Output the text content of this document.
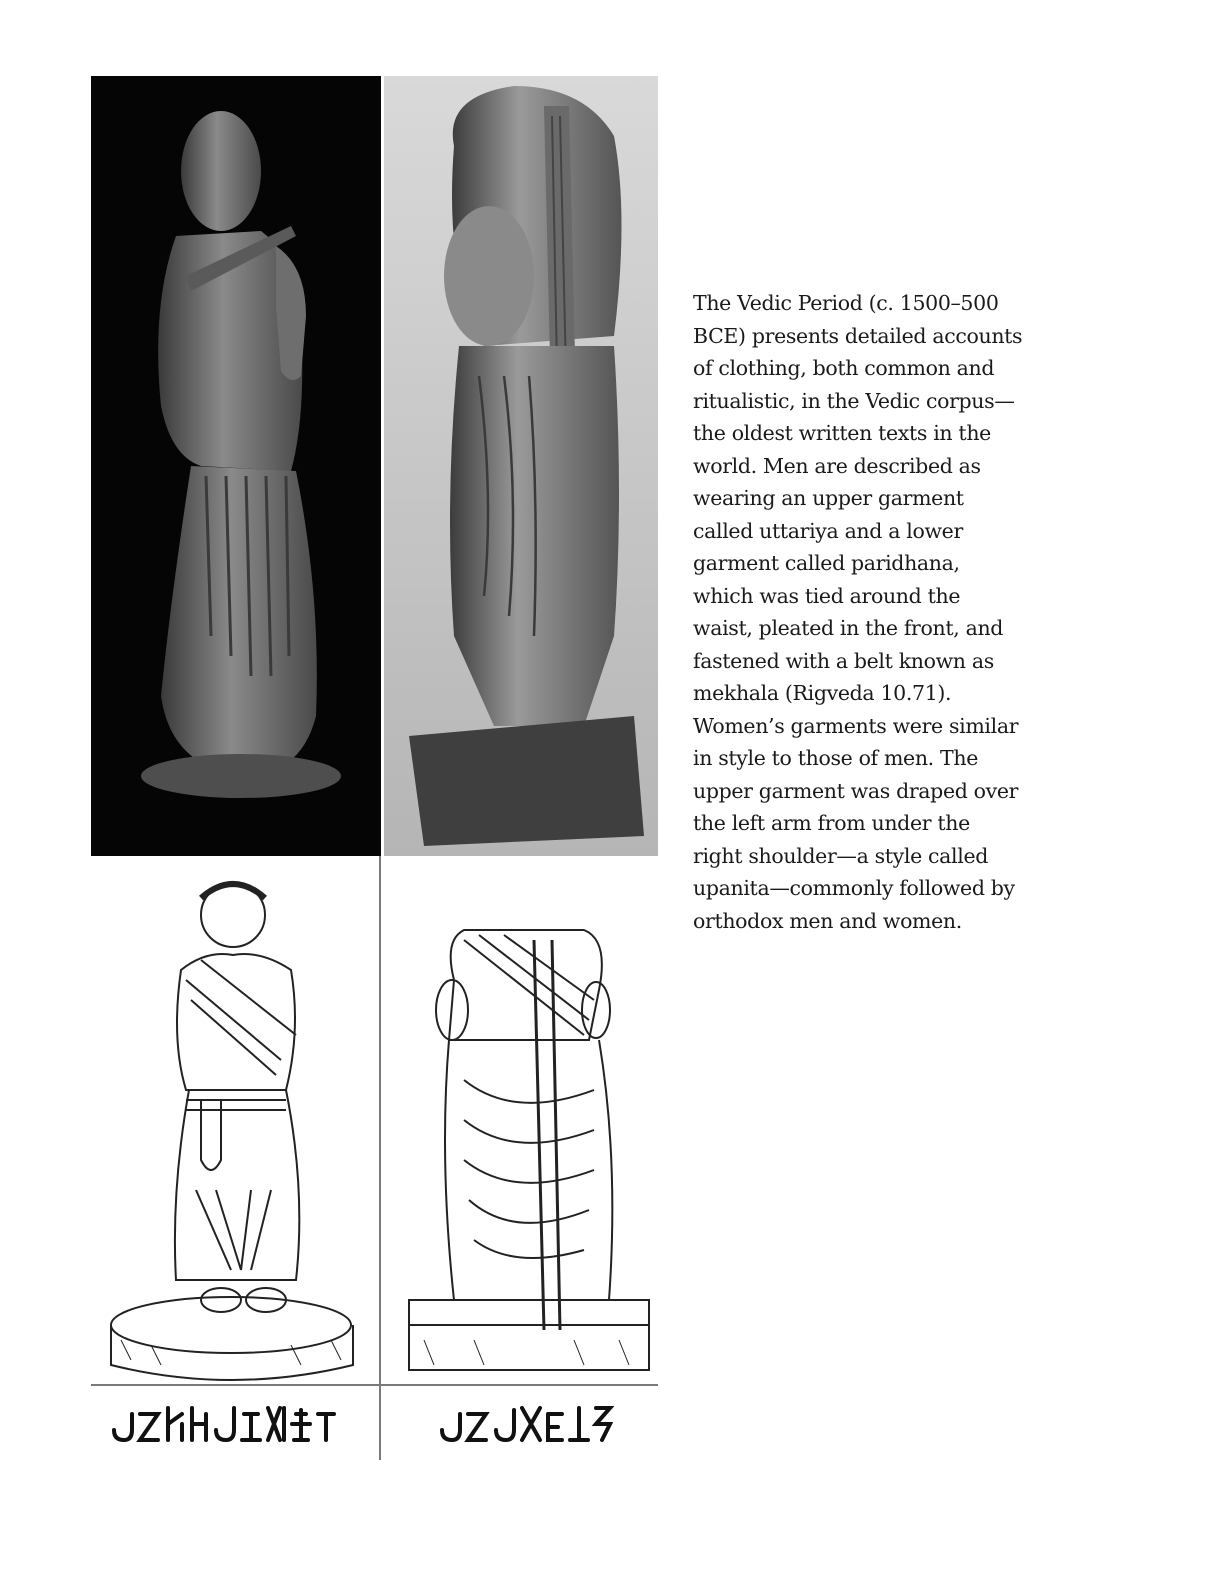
The Vedic Period (c. 1500–500
BCE) presents detailed accounts
of clothing, both common and
ritualistic, in the Vedic corpus—
the oldest written texts in the
world. Men are described as
wearing an upper garment
called uttariya and a lower
garment called paridhana,
which was tied around the
waist, pleated in the front, and
fastened with a belt known as
mekhala (Rigveda 10.71).
Women’s garments were similar
in style to those of men. The
upper garment was draped over
the left arm from under the
right shoulder—a style called
upanita—commonly followed by
orthodox men and women.
